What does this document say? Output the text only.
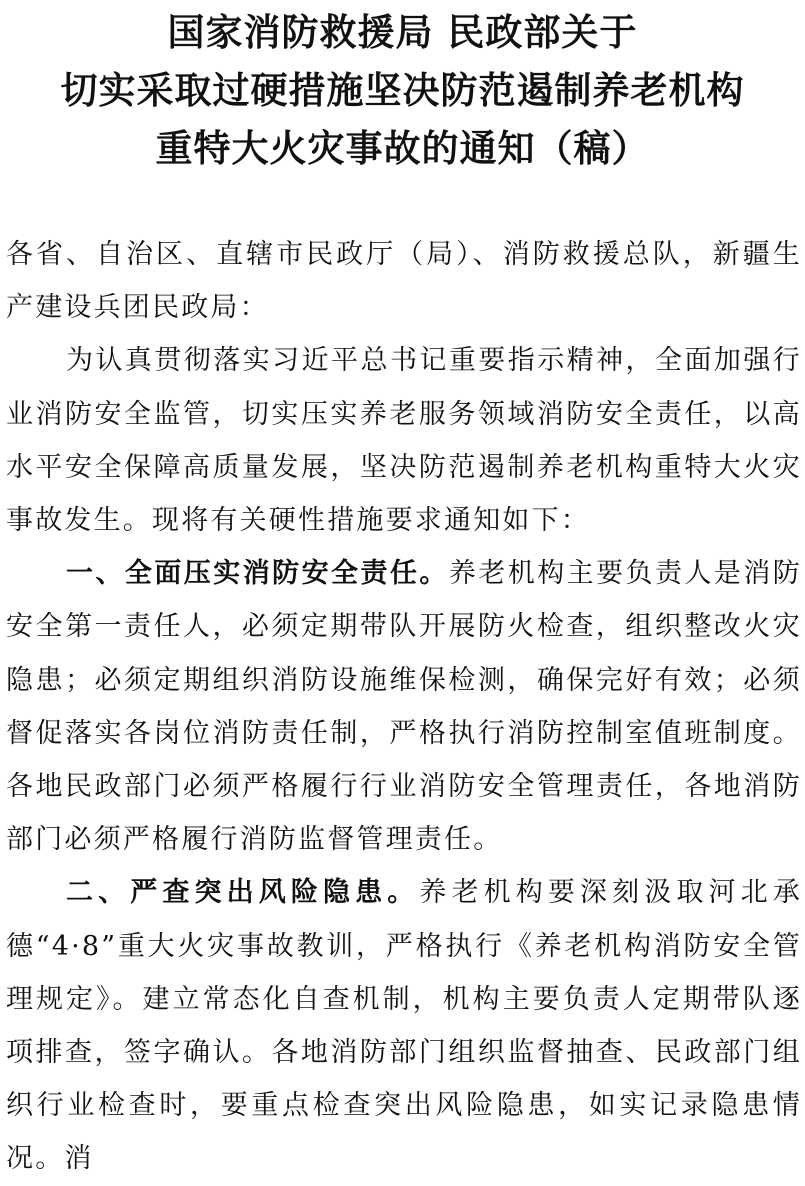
国家消防救援局 民政部关于
切实采取过硬措施坚决防范遏制养老机构
重特大火灾事故的通知（稿）

各省、自治区、直辖市民政厅（局）、消防救援总队，新疆生产建设兵团民政局：

为认真贯彻落实习近平总书记重要指示精神，全面加强行业消防安全监管，切实压实养老服务领域消防安全责任，以高水平安全保障高质量发展，坚决防范遏制养老机构重特大火灾事故发生。现将有关硬性措施要求通知如下：

一、全面压实消防安全责任。养老机构主要负责人是消防安全第一责任人，必须定期带队开展防火检查，组织整改火灾隐患；必须定期组织消防设施维保检测，确保完好有效；必须督促落实各岗位消防责任制，严格执行消防控制室值班制度。各地民政部门必须严格履行行业消防安全管理责任，各地消防部门必须严格履行消防监督管理责任。

二、严查突出风险隐患。养老机构要深刻汲取河北承德“4·8”重大火灾事故教训，严格执行《养老机构消防安全管理规定》。建立常态化自查机制，机构主要负责人定期带队逐项排查，签字确认。各地消防部门组织监督抽查、民政部门组织行业检查时，要重点检查突出风险隐患，如实记录隐患情况。消
